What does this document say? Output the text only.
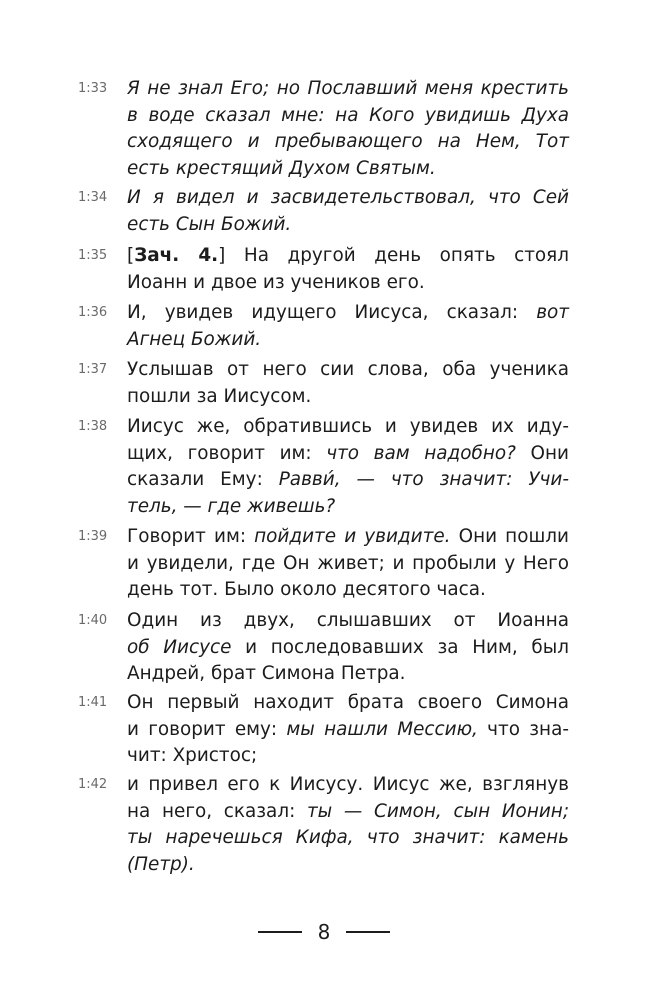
1:33 Я не знал Его; но Пославший меня крестить
в воде сказал мне: на Кого увидишь Духа
сходящего и пребывающего на Нем, Тот
есть крестящий Духом Святым.
1:34 И я видел и засвидетельствовал, что Сей
есть Сын Божий.
1:35 [Зач. 4.] На другой день опять стоял
Иоанн и двое из учеников его.
1:36 И, увидев идущего Иисуса, сказал: вот
Агнец Божий.
1:37 Услышав от него сии слова, оба ученика
пошли за Иисусом.
1:38 Иисус же, обратившись и увидев их иду-
щих, говорит им: что вам надобно? Они
сказали Ему: Равви́, — что значит: Учи-
тель, — где живешь?
1:39 Говорит им: пойдите и увидите. Они пошли
и увидели, где Он живет; и пробыли у Него
день тот. Было около десятого часа.
1:40 Один из двух, слышавших от Иоанна
об Иисусе и последовавших за Ним, был
Андрей, брат Симона Петра.
1:41 Он первый находит брата своего Симона
и говорит ему: мы нашли Мессию, что зна-
чит: Христос;
1:42 и привел его к Иисусу. Иисус же, взглянув
на него, сказал: ты — Симон, сын Ионин;
ты наречешься Кифа, что значит: камень
(Петр).
8
